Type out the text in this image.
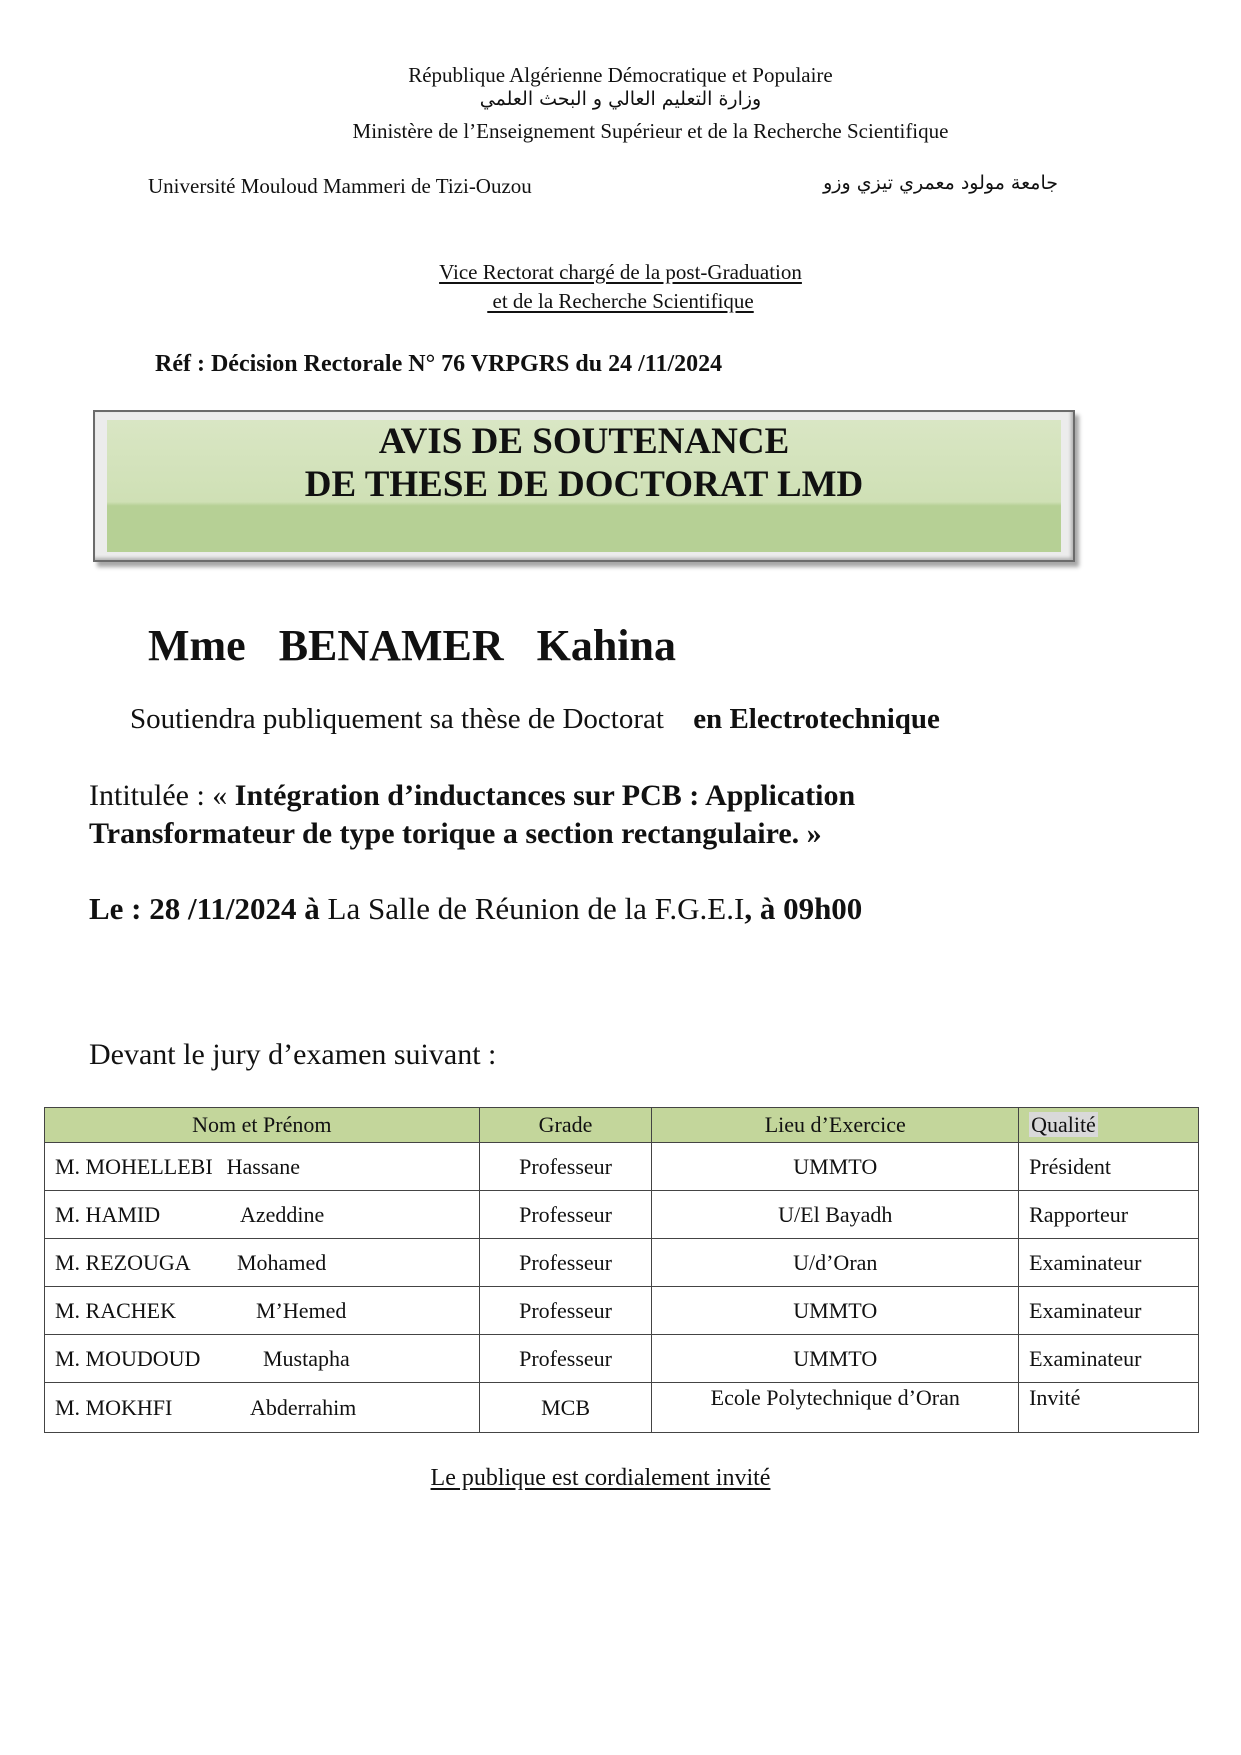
République Algérienne Démocratique et Populaire
وزارة التعليم العالي و البحث العلمي
Ministère de l’Enseignement Supérieur et de la Recherche Scientifique
Université Mouloud Mammeri de Tizi-Ouzou	جامعة مولود معمري تيزي وزو
Vice Rectorat chargé de la post-Graduation
et de la Recherche Scientifique
Réf : Décision Rectorale N° 76 VRPGRS du 24 /11/2024
AVIS DE SOUTENANCE
DE THESE DE DOCTORAT LMD
Mme   BENAMER   Kahina
Soutiendra publiquement sa thèse de Doctorat en Electrotechnique
Intitulée : « Intégration d’inductances sur PCB : Application
Transformateur de type torique a section rectangulaire. »
Le : 28 /11/2024 à La Salle de Réunion de la F.G.E.I, à 09h00
Devant le jury d’examen suivant :
Nom et Prénom	Grade	Lieu d’Exercice	Qualité
M. MOHELLEBI Hassane	Professeur	UMMTO	Président
M. HAMID Azeddine	Professeur	U/El Bayadh	Rapporteur
M. REZOUGA Mohamed	Professeur	U/d’Oran	Examinateur
M. RACHEK M’Hemed	Professeur	UMMTO	Examinateur
M. MOUDOUD Mustapha	Professeur	UMMTO	Examinateur
M. MOKHFI Abderrahim	MCB	Ecole Polytechnique d’Oran	Invité
Le publique est cordialement invité
